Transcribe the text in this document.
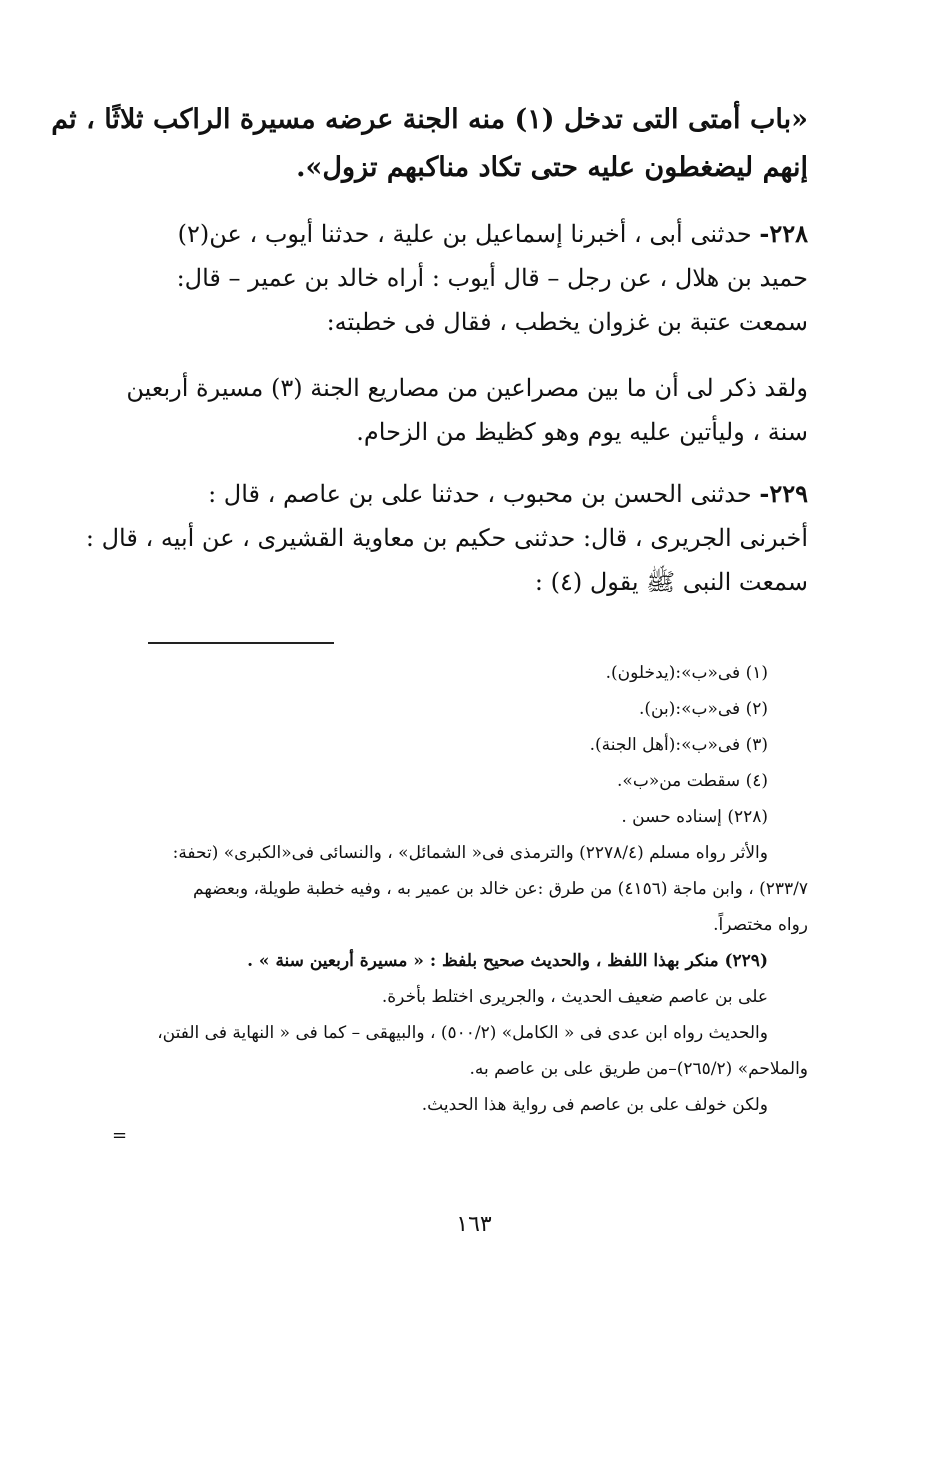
«باب أمتى التى تدخل (١) منه الجنة عرضه مسيرة الراكب ثلاثًا ، ثم
إنهم ليضغطون عليه حتى تكاد مناكبهم تزول».
٢٢٨- حدثنى أبى ، أخبرنا إسماعيل بن علية ، حدثنا أيوب ، عن(٢)
حميد بن هلال ، عن رجل – قال أيوب : أراه خالد بن عمير – قال:
سمعت عتبة بن غزوان يخطب ، فقال فى خطبته:
ولقد ذكر لى أن ما بين مصراعين من مصاريع الجنة (٣) مسيرة أربعين
سنة ، وليأتين عليه يوم وهو كظيظ من الزحام.
٢٢٩- حدثنى الحسن بن محبوب ، حدثنا على بن عاصم ، قال :
أخبرنى الجريرى ، قال: حدثنى حكيم بن معاوية القشيرى ، عن أبيه ، قال :
سمعت النبى ﷺ يقول (٤) :
(١) فى«ب»:(يدخلون).
(٢) فى«ب»:(بن).
(٣) فى«ب»:(أهل الجنة).
(٤) سقطت من«ب».
(٢٢٨) إسناده حسن .
والأثر رواه مسلم (٢٢٧٨/٤) والترمذى فى« الشمائل» ، والنسائى فى«الكبرى» (تحفة:
٢٣٣/٧) ، وابن ماجة (٤١٥٦) من طرق :عن خالد بن عمير به ، وفيه خطبة طويلة، وبعضهم
رواه مختصراً.
(٢٢٩) منكر بهذا اللفظ ، والحديث صحيح بلفظ : « مسيرة أربعين سنة » .
على بن عاصم ضعيف الحديث ، والجريرى اختلط بأخرة.
والحديث رواه ابن عدى فى « الكامل» (٥٠٠/٢) ، والبيهقى – كما فى « النهاية فى الفتن،
والملاحم» (٢٦٥/٢)–من طريق على بن عاصم به.
ولكن خولف على بن عاصم فى رواية هذا الحديث.
=
١٦٣
